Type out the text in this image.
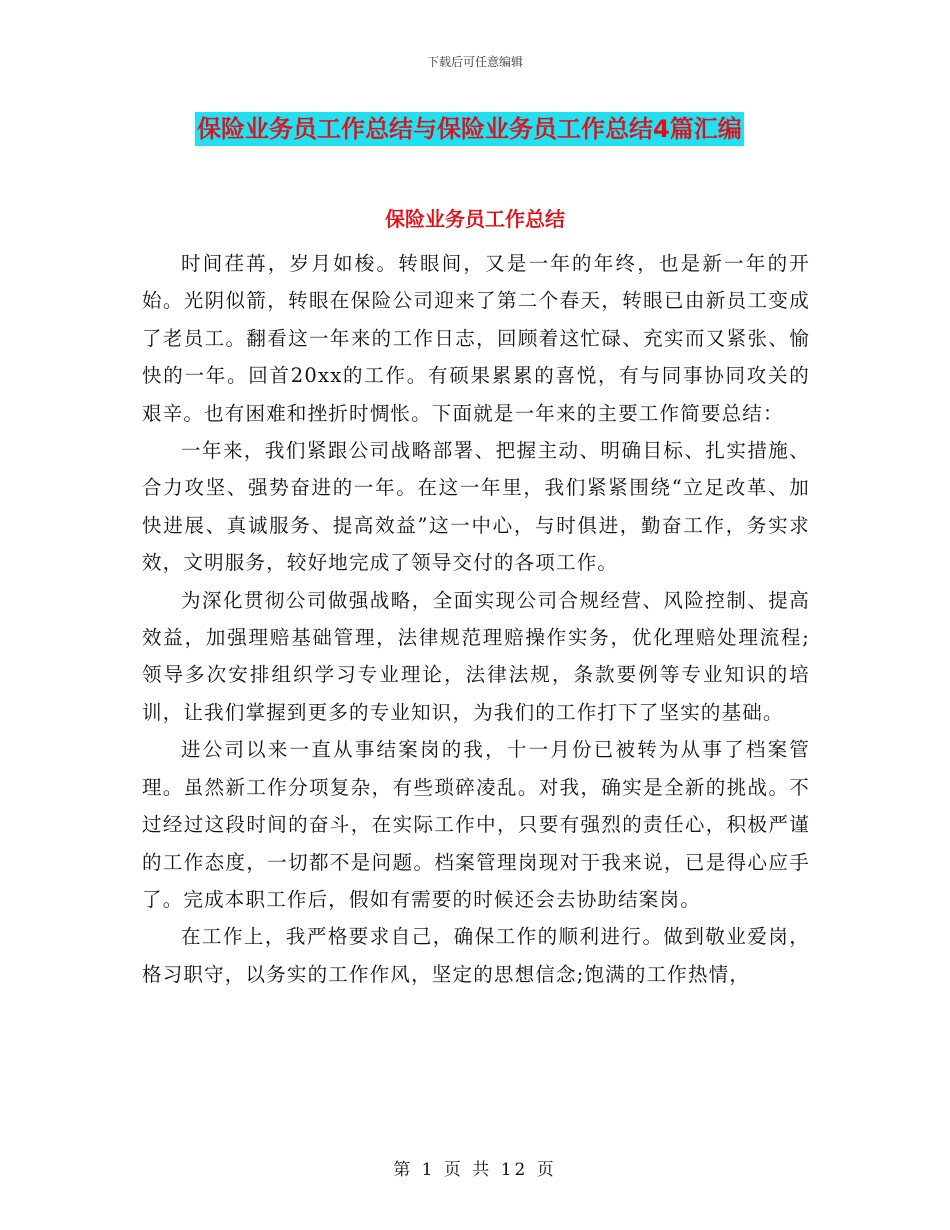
下载后可任意编辑
保险业务员工作总结与保险业务员工作总结4篇汇编
保险业务员工作总结

时间荏苒，岁月如梭。转眼间，又是一年的年终，也是新一年的开始。光阴似箭，转眼在保险公司迎来了第二个春天，转眼已由新员工变成了老员工。翻看这一年来的工作日志，回顾着这忙碌、充实而又紧张、愉快的一年。回首20xx的工作。有硕果累累的喜悦，有与同事协同攻关的艰辛。也有困难和挫折时惆怅。下面就是一年来的主要工作简要总结：

一年来，我们紧跟公司战略部署、把握主动、明确目标、扎实措施、合力攻坚、强势奋进的一年。在这一年里，我们紧紧围绕“立足改革、加快进展、真诚服务、提高效益”这一中心，与时俱进，勤奋工作，务实求效，文明服务，较好地完成了领导交付的各项工作。

为深化贯彻公司做强战略，全面实现公司合规经营、风险控制、提高效益，加强理赔基础管理，法律规范理赔操作实务，优化理赔处理流程;领导多次安排组织学习专业理论，法律法规，条款要例等专业知识的培训，让我们掌握到更多的专业知识，为我们的工作打下了坚实的基础。

进公司以来一直从事结案岗的我，十一月份已被转为从事了档案管理。虽然新工作分项复杂，有些琐碎凌乱。对我，确实是全新的挑战。不过经过这段时间的奋斗，在实际工作中，只要有强烈的责任心，积极严谨的工作态度，一切都不是问题。档案管理岗现对于我来说，已是得心应手了。完成本职工作后，假如有需要的时候还会去协助结案岗。

在工作上，我严格要求自己，确保工作的顺利进行。做到敬业爱岗，格习职守，以务实的工作作风，坚定的思想信念;饱满的工作热情，

第 1 页 共 12 页
